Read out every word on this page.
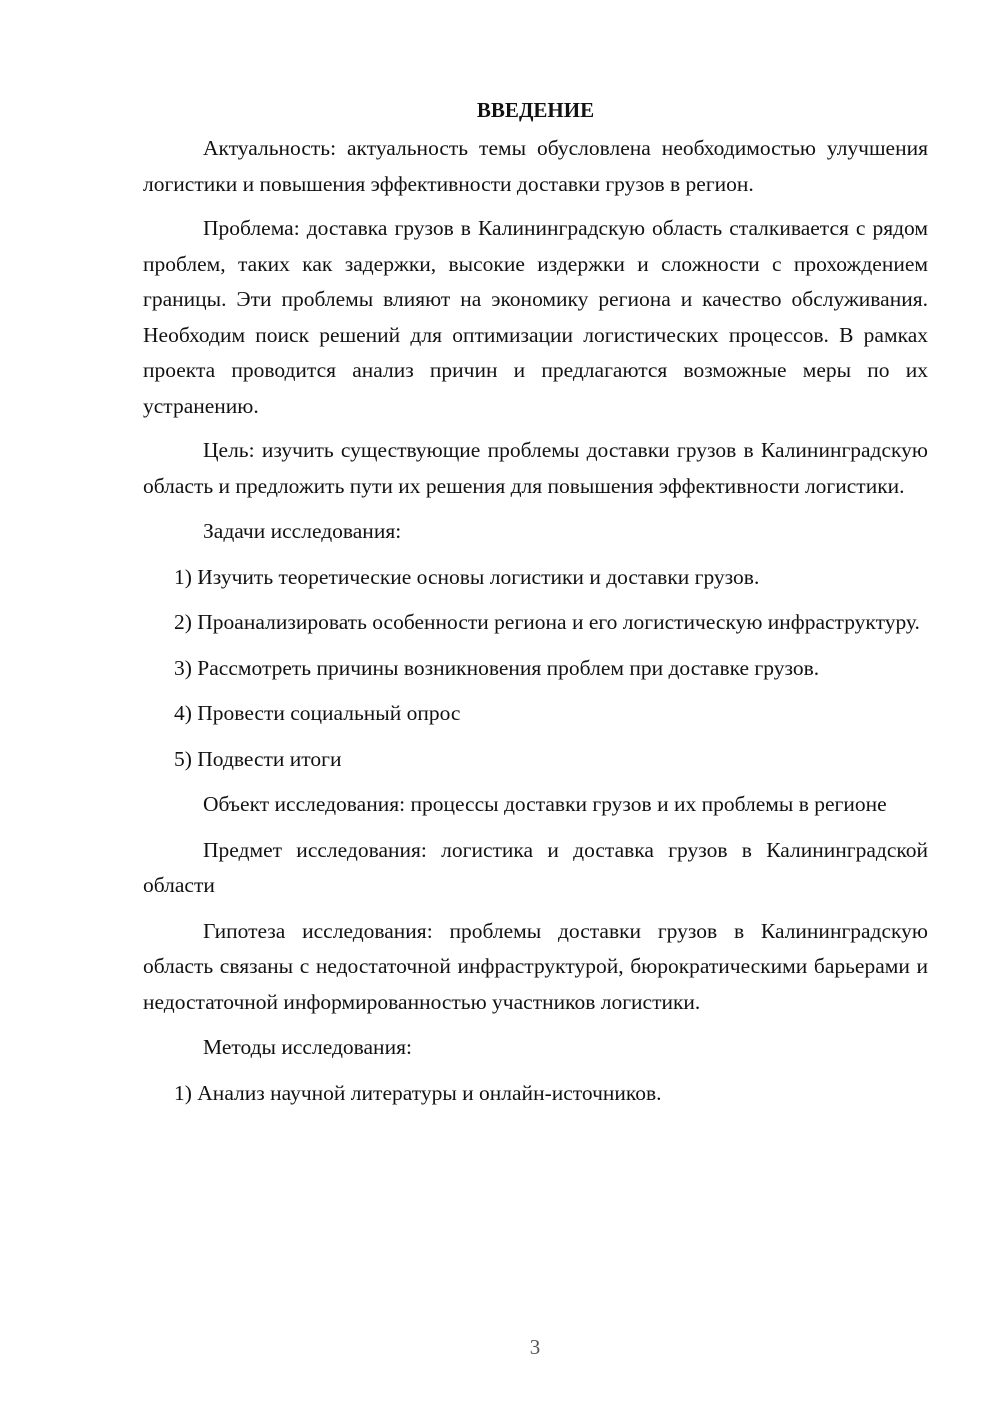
ВВЕДЕНИЕ

Актуальность: актуальность темы обусловлена необходимостью улучшения логистики и повышения эффективности доставки грузов в регион.

Проблема: доставка грузов в Калининградскую область сталкивается с рядом проблем, таких как задержки, высокие издержки и сложности с прохождением границы. Эти проблемы влияют на экономику региона и качество обслуживания. Необходим поиск решений для оптимизации логистических процессов. В рамках проекта проводится анализ причин и предлагаются возможные меры по их устранению.

Цель: изучить существующие проблемы доставки грузов в Калининградскую область и предложить пути их решения для повышения эффективности логистики.

Задачи исследования:

1) Изучить теоретические основы логистики и доставки грузов.

2) Проанализировать особенности региона и его логистическую инфраструктуру.

3) Рассмотреть причины возникновения проблем при доставке грузов.

4) Провести социальный опрос

5) Подвести итоги

Объект исследования: процессы доставки грузов и их проблемы в регионе

Предмет исследования: логистика и доставка грузов в Калининградской области

Гипотеза исследования: проблемы доставки грузов в Калининградскую область связаны с недостаточной инфраструктурой, бюрократическими барьерами и недостаточной информированностью участников логистики.

Методы исследования:

1) Анализ научной литературы и онлайн-источников.

3
